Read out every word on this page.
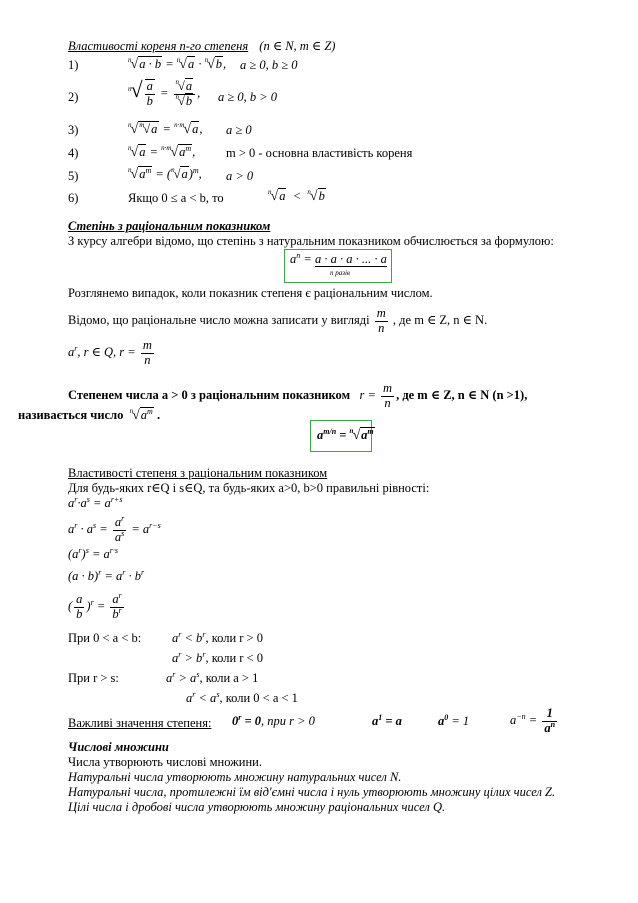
Властивості кореня n-го степеня (n ∈ N, m ∈ Z)
1)	$^n$√a · b = $^n$√a · $^n$√b, a ≥ 0, b ≥ 0
2)
$^n√ \frac{a}{b} = \frac{^n√a}{^n√b}$ , a ≥ 0, b > 0
3)	$^n$√$^m$√a = $^{n\cdot m}$√a, a ≥ 0
4)	$^n√a = ^{n\cdot m}√a^m$, m > 0 - основна властивість кореня
5)	$^n√a^m = (^n√a)^m$, a > 0
6)	Якщо 0 ≤ a < b, то	$^n$√a  <  $^n$√b
Степінь з раціональним показником
З курсу алгебри відомо, що степінь з натуральним показником обчислюється за формулою:
$a^n = a \cdot a \cdot a$ · ... · a
n разів
Розглянемо випадок, коли показник степеня є раціональним числом.
Відомо, що раціональне число можна записати у вигляді $\frac{m}{n}$ , де m ∈ Z, n ∈ N.
$a^r$, r ∈ Q, $r = \frac{m}{n}$
Степенем числа a > 0 з раціональним показником   $r = \frac{m}{n}$ , де m ∈ Z, n ∈ N (n >1),
називається число $^n√a^m$ .
$a^{m/n} = ^n√a^m$
Властивості степеня з раціональним показником
Для будь-яких r∈Q і s∈Q, та будь-яких a>0, b>0 правильні рівності:
$a^r\cdot a^s = a^{r+s}$
$a^r \cdot a^s = \frac{a^r}{a^s} = a^{r-s}$
$(a^r)^s = a^{r\cdot s}$
$(a \cdot b)^r = a^r \cdot b^r$
( $\frac{a}{b} )^r = \frac{a^r}{b^r}$
При 0 < a < b: $a^r < b^r$, коли r > 0
$a^r > b^r$, коли r < 0
При r > s:	$a^r > a^s$, коли a > 1
$a^r < a^s$, коли 0 < a < 1
Важливі значення степеня: $0^r = 0$, при r > 0	$a^1 = a$	$a^0 = 1$	$a^{-n} = \frac{1}{a^n}$
Числові множини
Числа утворюють числові множини.
Натуральні числа утворюють множину натуральних чисел N.
Натуральні числа, протилежні їм від'ємні числа і нуль утворюють множину цілих чисел Z.
Цілі числа і дробові числа утворюють множину раціональних чисел Q.
